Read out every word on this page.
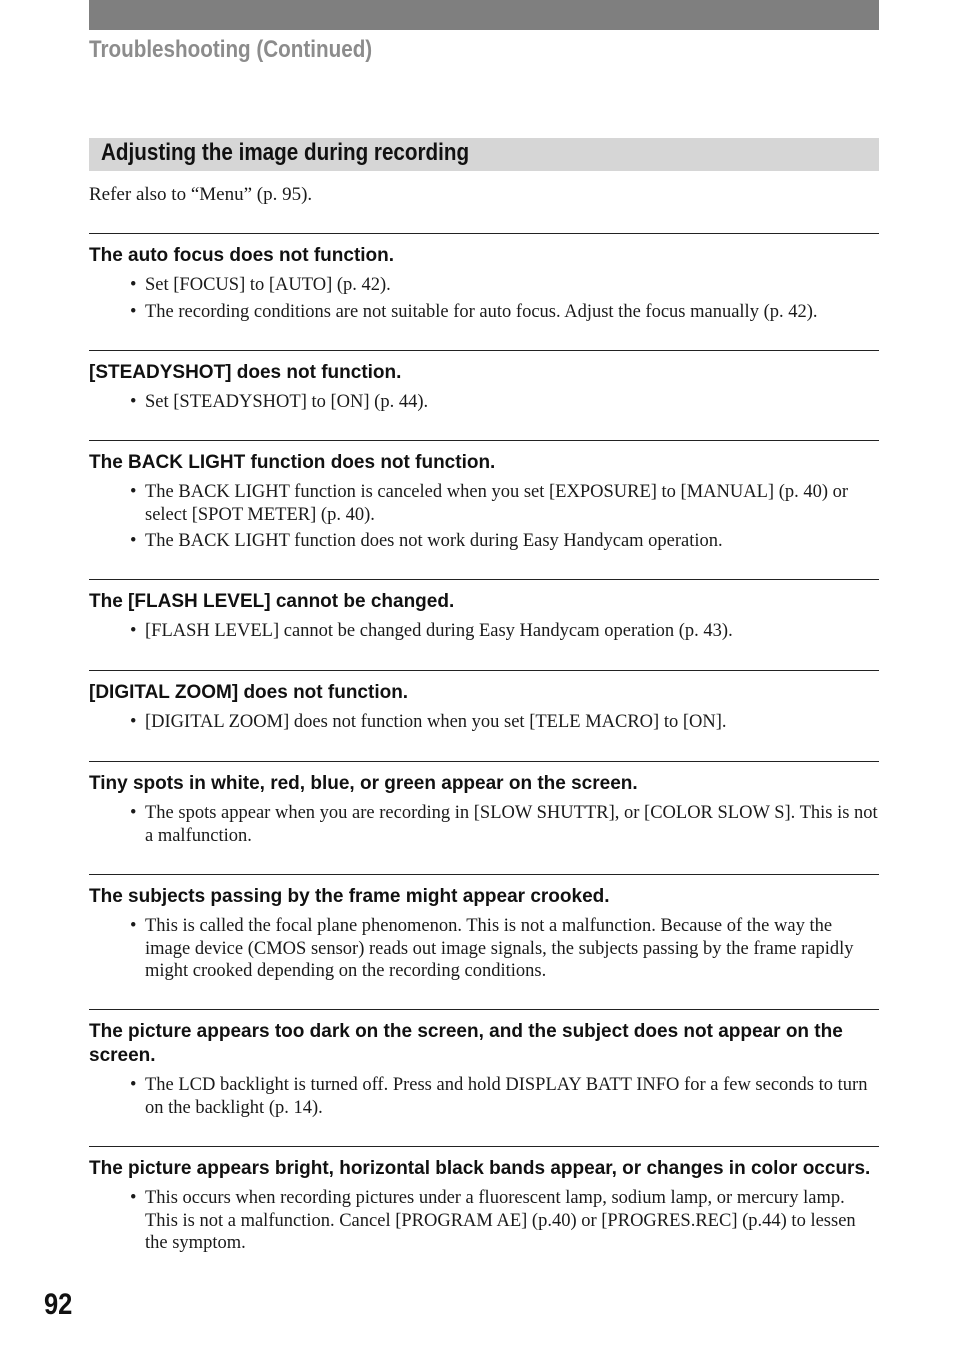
Troubleshooting (Continued)
Adjusting the image during recording
Refer also to “Menu” (p. 95).
The auto focus does not function.
• Set [FOCUS] to [AUTO] (p. 42).
• The recording conditions are not suitable for auto focus. Adjust the focus manually (p. 42).
[STEADYSHOT] does not function.
• Set [STEADYSHOT] to [ON] (p. 44).
The BACK LIGHT function does not function.
• The BACK LIGHT function is canceled when you set [EXPOSURE] to [MANUAL] (p. 40) or select [SPOT METER] (p. 40).
• The BACK LIGHT function does not work during Easy Handycam operation.
The [FLASH LEVEL] cannot be changed.
• [FLASH LEVEL] cannot be changed during Easy Handycam operation (p. 43).
[DIGITAL ZOOM] does not function.
• [DIGITAL ZOOM] does not function when you set [TELE MACRO] to [ON].
Tiny spots in white, red, blue, or green appear on the screen.
• The spots appear when you are recording in [SLOW SHUTTR], or [COLOR SLOW S]. This is not a malfunction.
The subjects passing by the frame might appear crooked.
• This is called the focal plane phenomenon. This is not a malfunction. Because of the way the image device (CMOS sensor) reads out image signals, the subjects passing by the frame rapidly might crooked depending on the recording conditions.
The picture appears too dark on the screen, and the subject does not appear on the screen.
• The LCD backlight is turned off. Press and hold DISPLAY BATT INFO for a few seconds to turn on the backlight (p. 14).
The picture appears bright, horizontal black bands appear, or changes in color occurs.
• This occurs when recording pictures under a fluorescent lamp, sodium lamp, or mercury lamp. This is not a malfunction. Cancel [PROGRAM AE] (p.40) or [PROGRES.REC] (p.44) to lessen the symptom.
92
